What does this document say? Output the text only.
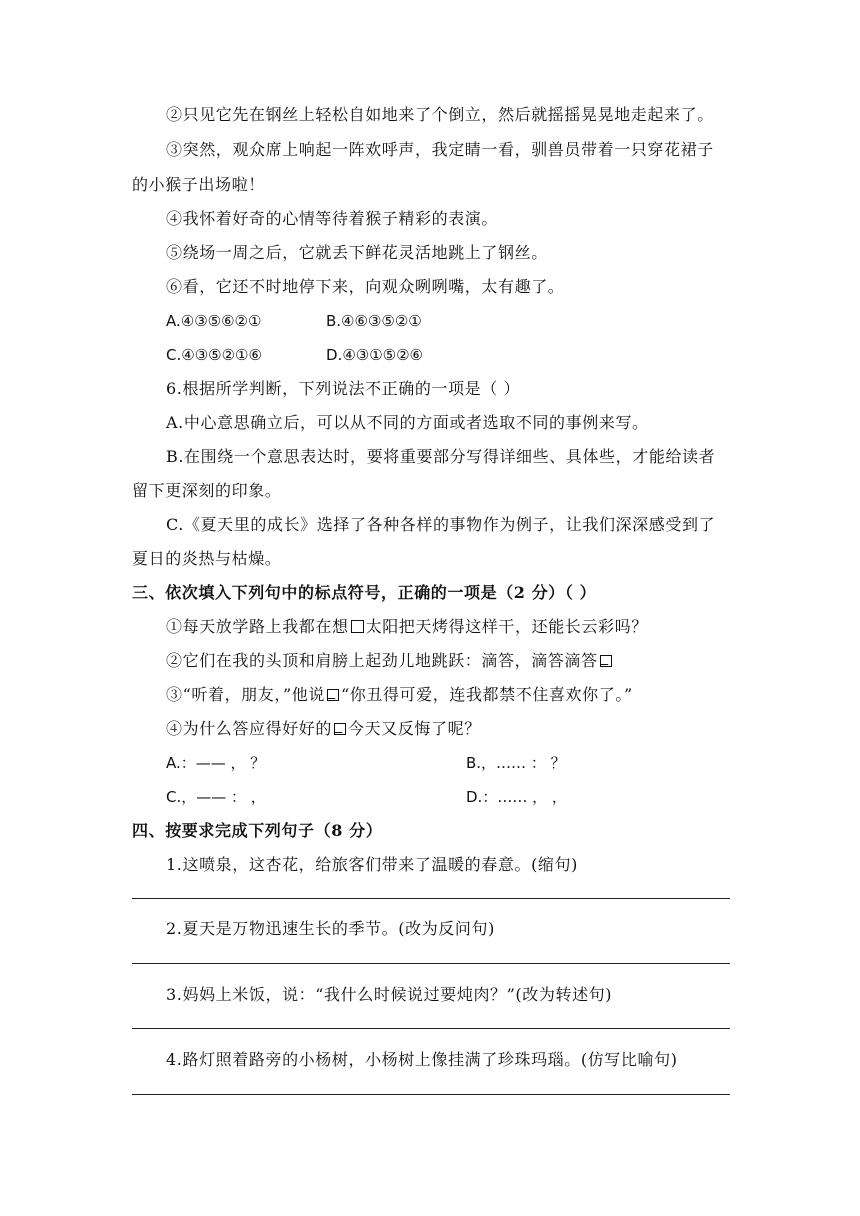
②只见它先在钢丝上轻松自如地来了个倒立，然后就摇摇晃晃地走起来了。
③突然，观众席上响起一阵欢呼声，我定睛一看，驯兽员带着一只穿花裙子
的小猴子出场啦！
④我怀着好奇的心情等待着猴子精彩的表演。
⑤绕场一周之后，它就丢下鲜花灵活地跳上了钢丝。
⑥看，它还不时地停下来，向观众咧咧嘴，太有趣了。
A.④③⑤⑥②①	B.④⑥③⑤②①
C.④③⑤②①⑥	D.④③①⑤②⑥
6.根据所学判断，下列说法不正确的一项是（ ）
A.中心意思确立后，可以从不同的方面或者选取不同的事例来写。
B.在围绕一个意思表达时，要将重要部分写得详细些、具体些，才能给读者
留下更深刻的印象。
C.《夏天里的成长》选择了各种各样的事物作为例子，让我们深深感受到了
夏日的炎热与枯燥。
三、依次填入下列句中的标点符号，正确的一项是（2 分）（ ）
①每天放学路上我都在想 太阳把天烤得这样干，还能长云彩吗？
②它们在我的头顶和肩膀上起劲儿地跳跃：滴答，滴答滴答
③“听着，朋友，”他说 “你丑得可爱，连我都禁不住喜欢你了。”
④为什么答应得好好的 今天又反悔了呢？
A.：—— ， ？	B.，…… ： ？
C.，—— ： ，	D.：…… ， ，
四、按要求完成下列句子（8 分）
1.这喷泉，这杏花，给旅客们带来了温暖的春意。(缩句)
2.夏天是万物迅速生长的季节。(改为反问句)
3.妈妈上米饭，说：“我什么时候说过要炖肉？”(改为转述句)
4.路灯照着路旁的小杨树，小杨树上像挂满了珍珠玛瑙。(仿写比喻句)
